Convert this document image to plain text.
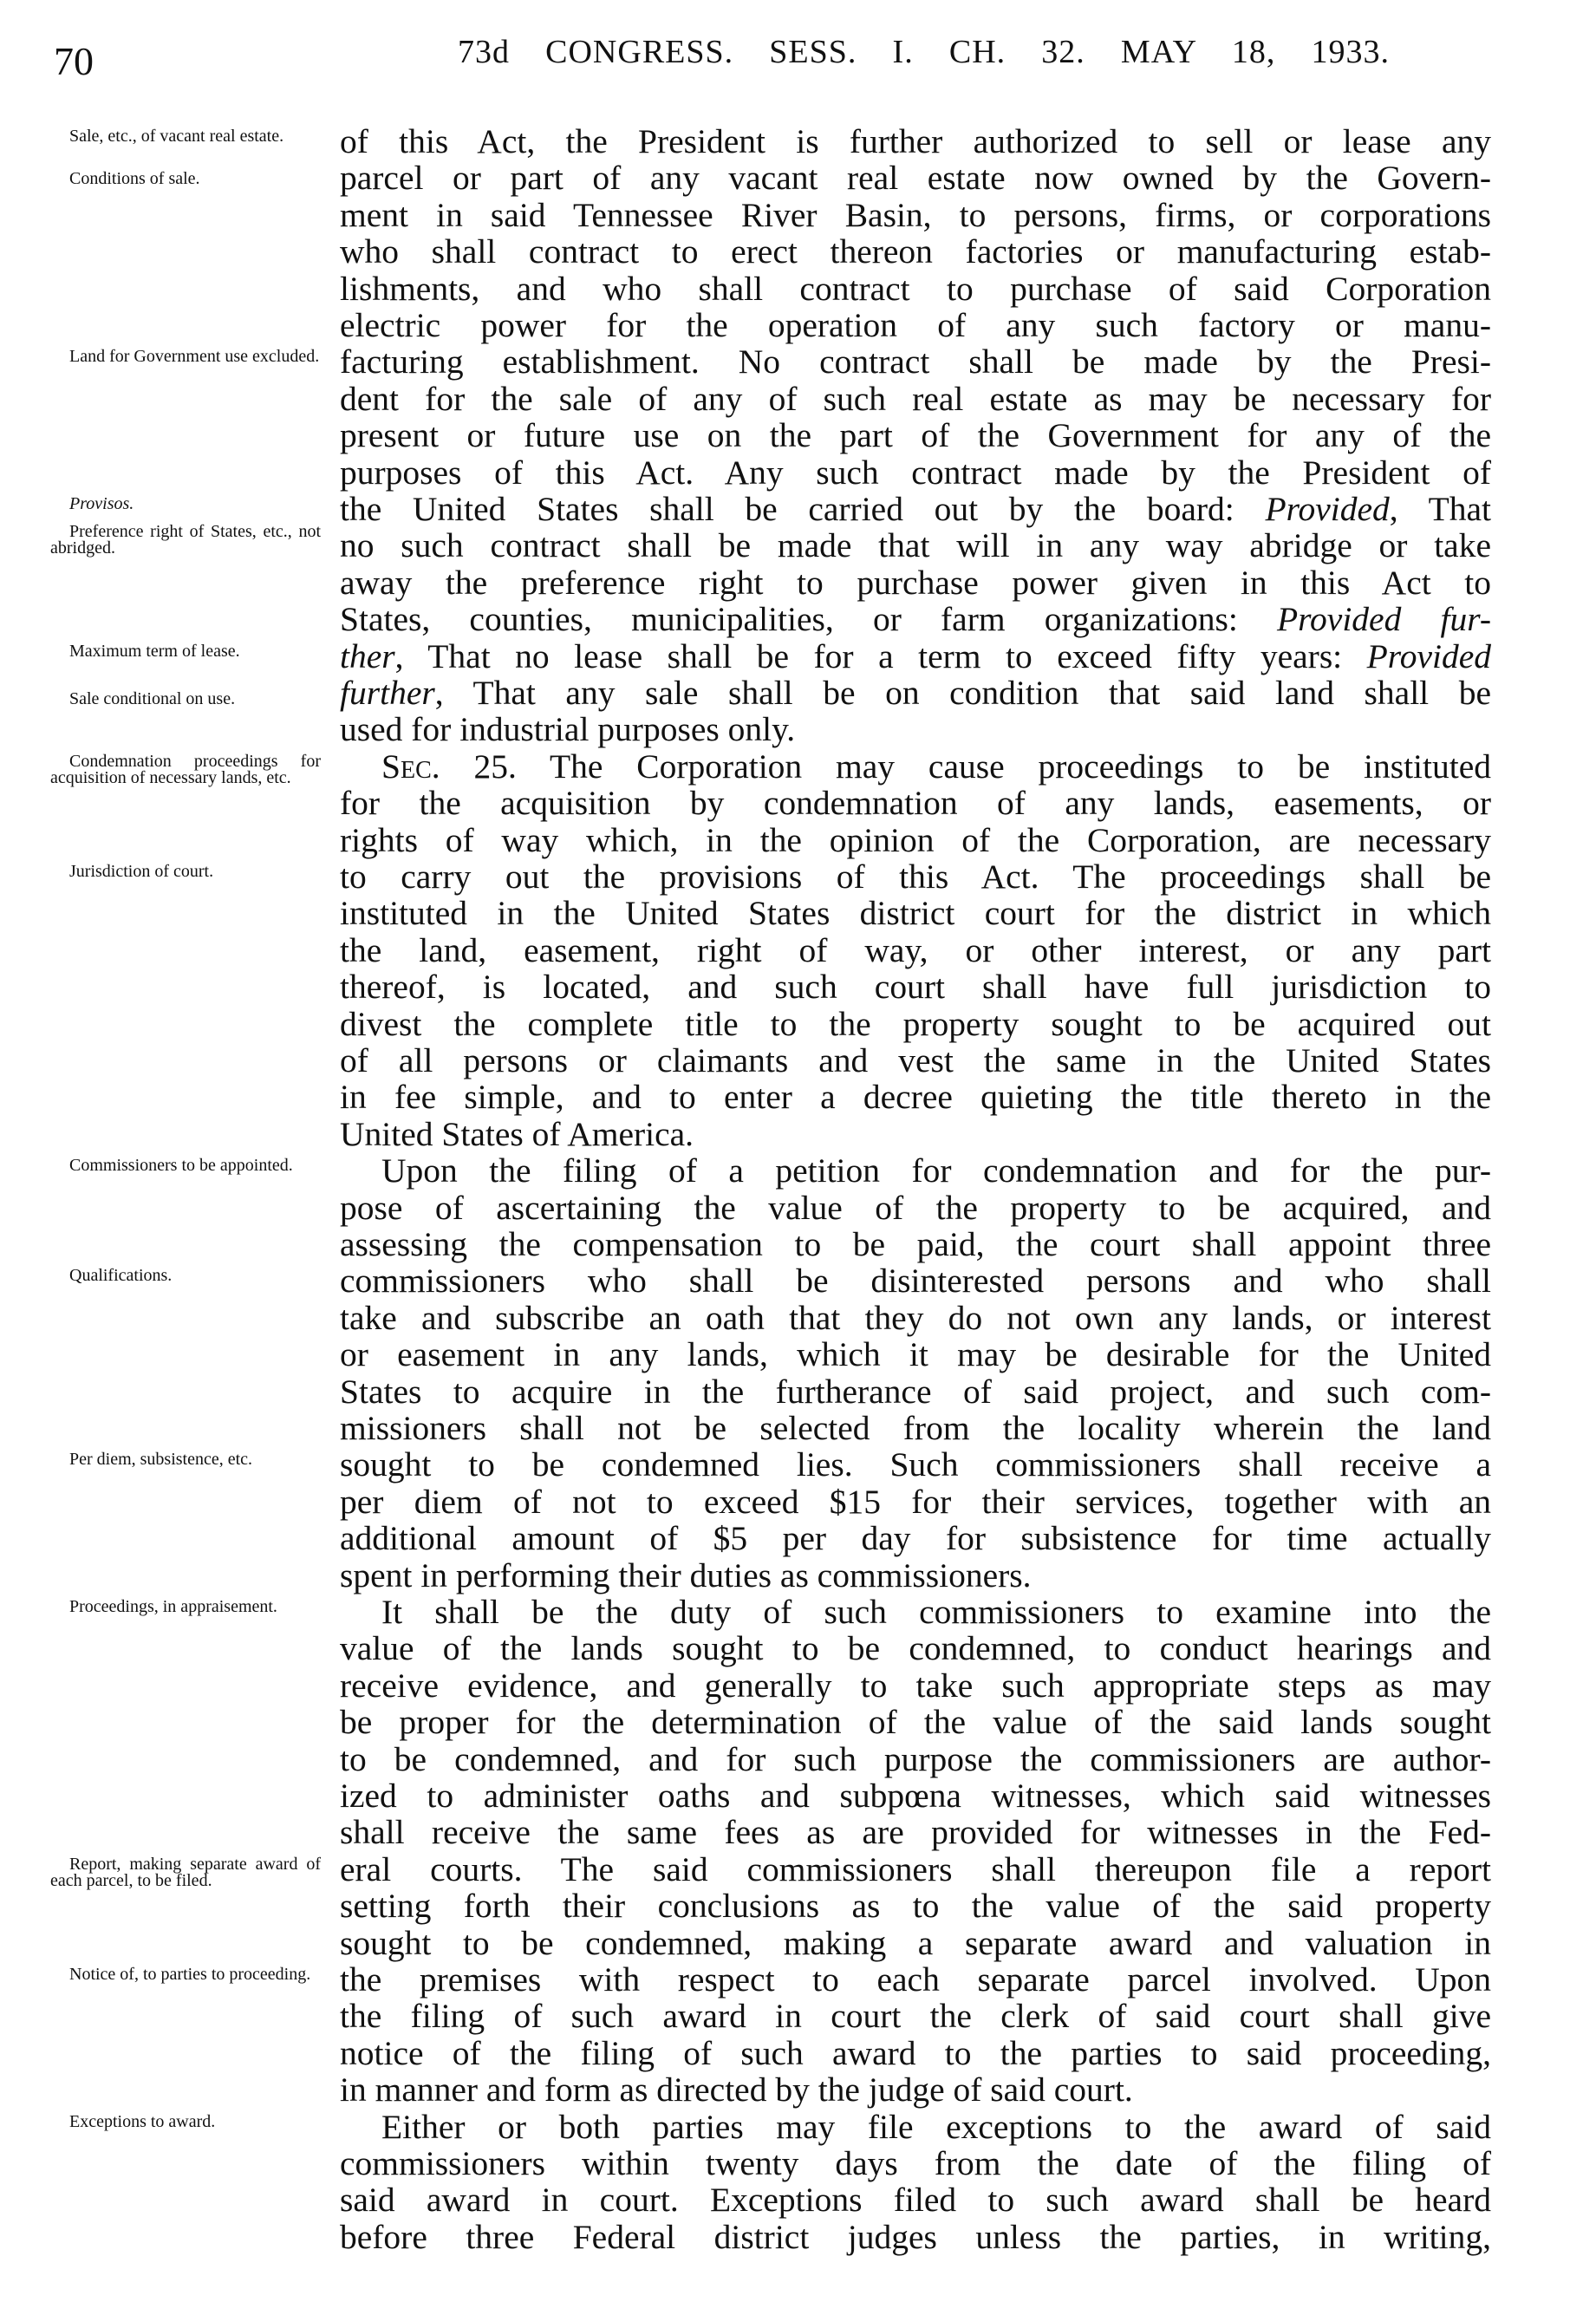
70	73d CONGRESS. SESS. I. CH. 32. MAY 18, 1933.
of this Act, the President is further authorized to sell or lease any
parcel or part of any vacant real estate now owned by the Govern-
ment in said Tennessee River Basin, to persons, firms, or corporations
who shall contract to erect thereon factories or manufacturing estab-
lishments, and who shall contract to purchase of said Corporation
electric power for the operation of any such factory or manu-
facturing establishment. No contract shall be made by the Presi-
dent for the sale of any of such real estate as may be necessary for
present or future use on the part of the Government for any of the
purposes of this Act. Any such contract made by the President of
the United States shall be carried out by the board: Provided, That
no such contract shall be made that will in any way abridge or take
away the preference right to purchase power given in this Act to
States, counties, municipalities, or farm organizations: Provided fur-
ther, That no lease shall be for a term to exceed fifty years: Provided
further, That any sale shall be on condition that said land shall be
used for industrial purposes only.
Sec. 25. The Corporation may cause proceedings to be instituted
for the acquisition by condemnation of any lands, easements, or
rights of way which, in the opinion of the Corporation, are necessary
to carry out the provisions of this Act. The proceedings shall be
instituted in the United States district court for the district in which
the land, easement, right of way, or other interest, or any part
thereof, is located, and such court shall have full jurisdiction to
divest the complete title to the property sought to be acquired out
of all persons or claimants and vest the same in the United States
in fee simple, and to enter a decree quieting the title thereto in the
United States of America.
Upon the filing of a petition for condemnation and for the pur-
pose of ascertaining the value of the property to be acquired, and
assessing the compensation to be paid, the court shall appoint three
commissioners who shall be disinterested persons and who shall
take and subscribe an oath that they do not own any lands, or interest
or easement in any lands, which it may be desirable for the United
States to acquire in the furtherance of said project, and such com-
missioners shall not be selected from the locality wherein the land
sought to be condemned lies. Such commissioners shall receive a
per diem of not to exceed $15 for their services, together with an
additional amount of $5 per day for subsistence for time actually
spent in performing their duties as commissioners.
It shall be the duty of such commissioners to examine into the
value of the lands sought to be condemned, to conduct hearings and
receive evidence, and generally to take such appropriate steps as may
be proper for the determination of the value of the said lands sought
to be condemned, and for such purpose the commissioners are author-
ized to administer oaths and subpœna witnesses, which said witnesses
shall receive the same fees as are provided for witnesses in the Fed-
eral courts. The said commissioners shall thereupon file a report
setting forth their conclusions as to the value of the said property
sought to be condemned, making a separate award and valuation in
the premises with respect to each separate parcel involved. Upon
the filing of such award in court the clerk of said court shall give
notice of the filing of such award to the parties to said proceeding,
in manner and form as directed by the judge of said court.
Either or both parties may file exceptions to the award of said
commissioners within twenty days from the date of the filing of
said award in court. Exceptions filed to such award shall be heard
before three Federal district judges unless the parties, in writing,
Sale, etc., of vacant real estate.
Conditions of sale.
Land for Government use excluded.
Provisos.
Preference right of States, etc., not abridged.
Maximum term of lease.
Sale conditional on use.
Condemnation proceedings for acquisition of necessary lands, etc.
Jurisdiction of court.
Commissioners to be appointed.
Qualifications.
Per diem, subsistence, etc.
Proceedings, in appraisement.
Report, making separate award of each parcel, to be filed.
Notice of, to parties to proceeding.
Exceptions to award.
